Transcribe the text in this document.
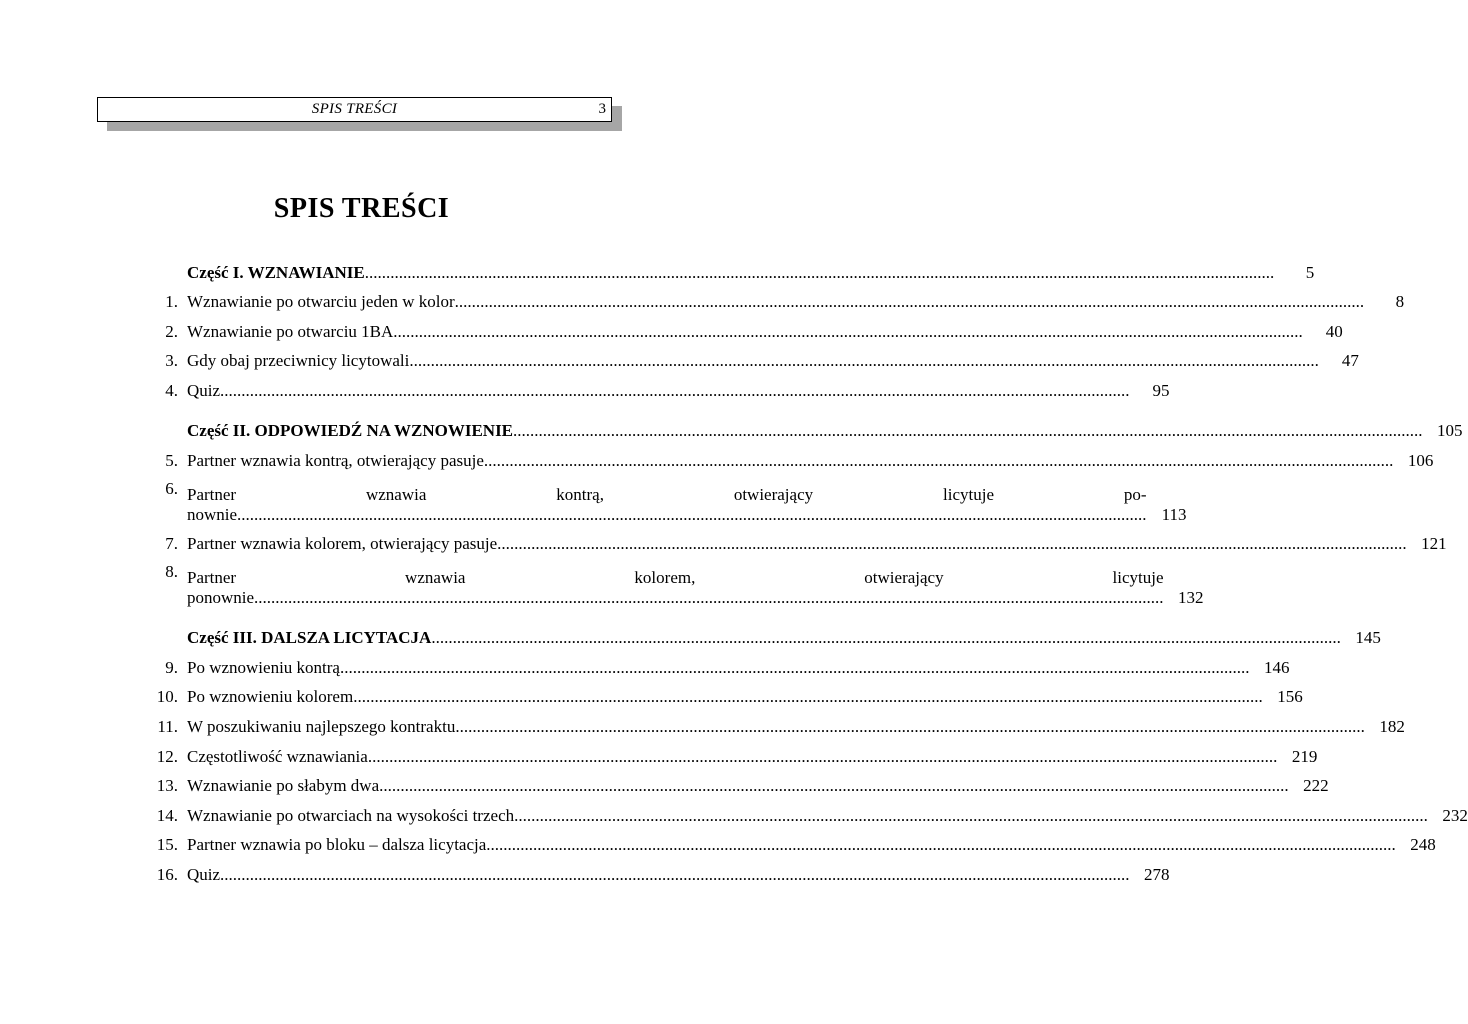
SPIS TREŚCI	3
SPIS TREŚCI
Część I. WZNAWIANIE .....	5
1. Wznawianie po otwarciu jeden w kolor .....	8
2. Wznawianie po otwarciu 1BA .....	40
3. Gdy obaj przeciwnicy licytowali .....	47
4. Quiz .....	95
Część II. ODPOWIEDŹ NA WZNOWIENIE .....	105
5. Partner wznawia kontrą, otwierający pasuje .....	106
6. Partner wznawia kontrą, otwierający licytuje po-
nownie .....	113
7. Partner wznawia kolorem, otwierający pasuje .....	121
8. Partner wznawia kolorem, otwierający licytuje
ponownie .....	132
Część III. DALSZA LICYTACJA .....	145
9. Po wznowieniu kontrą .....	146
10. Po wznowieniu kolorem .....	156
11. W poszukiwaniu najlepszego kontraktu .....	182
12. Częstotliwość wznawiania .....	219
13. Wznawianie po słabym dwa .....	222
14. Wznawianie po otwarciach na wysokości trzech. .....	232
15. Partner wznawia po bloku – dalsza licytacja .....	248
16. Quiz .....	278
